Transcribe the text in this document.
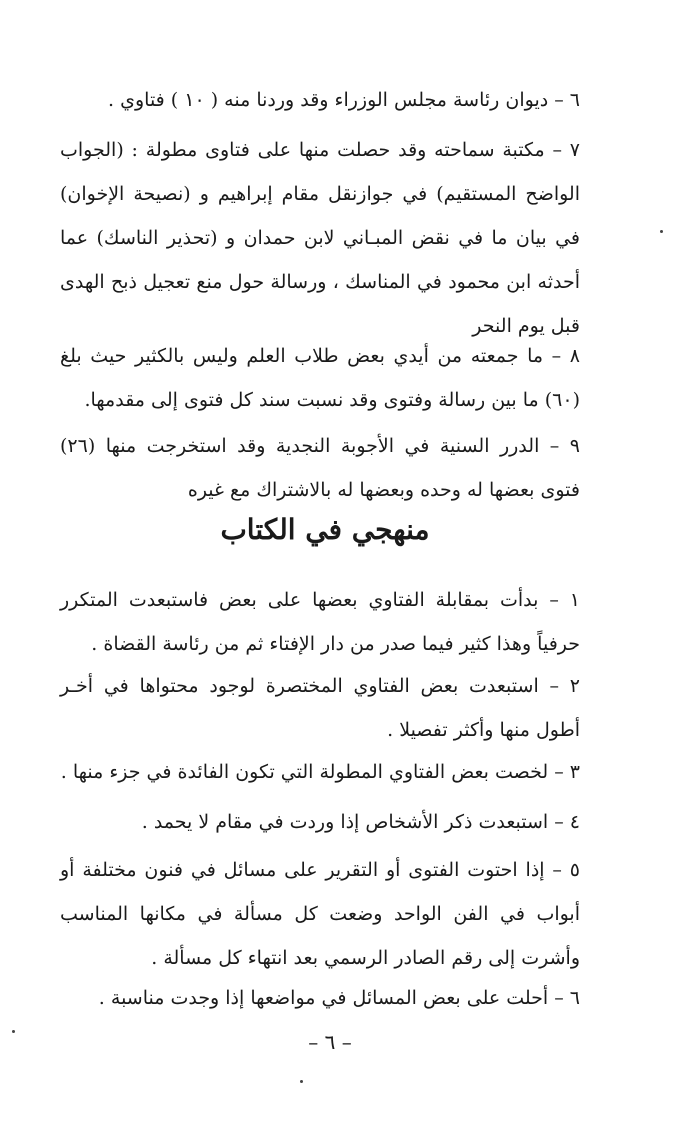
٦ – ديوان رئاسة مجلس الوزراء وقد وردنا منه ( ١٠ ) فتاوي .

٧ – مكتبة سماحته وقد حصلت منها على فتاوى مطولة : (الجواب الواضح المستقيم) في جوازنقل مقام إبراهيم و (نصيحة الإخوان) في بيان ما في نقض المبـاني لابن حمدان و (تحذير الناسك) عما أحدثه ابن محمود في المناسك ، ورسالة حول منع تعجيل ذبح الهدى قبل يوم النحر

٨ – ما جمعته من أيدي بعض طلاب العلم وليس بالكثير حيث بلغ (٦٠) ما بين رسالة وفتوى وقد نسبت سند كل فتوى إلى مقدمها.

٩ – الدرر السنية في الأجوبة النجدية وقد استخرجت منها (٢٦) فتوى بعضها له وحده وبعضها له بالاشتراك مع غيره

منهجي في الكتاب

١ – بدأت بمقابلة الفتاوي بعضها على بعض فاستبعدت المتكرر حرفياً وهذا كثير فيما صدر من دار الإفتاء ثم من رئاسة القضاة .

٢ – استبعدت بعض الفتاوي المختصرة لوجود محتواها في أخـر أطول منها وأكثر تفصيلا .

٣ – لخصت بعض الفتاوي المطولة التي تكون الفائدة في جزء منها .

٤ – استبعدت ذكر الأشخاص إذا وردت في مقام لا يحمد .

٥ – إذا احتوت الفتوى أو التقرير على مسائل في فنون مختلفة أو أبواب في الفن الواحد وضعت كل مسألة في مكانها المناسب وأشرت إلى رقم الصادر الرسمي بعد انتهاء كل مسألة .

٦ – أحلت على بعض المسائل في مواضعها إذا وجدت مناسبة .

– ٦ –
